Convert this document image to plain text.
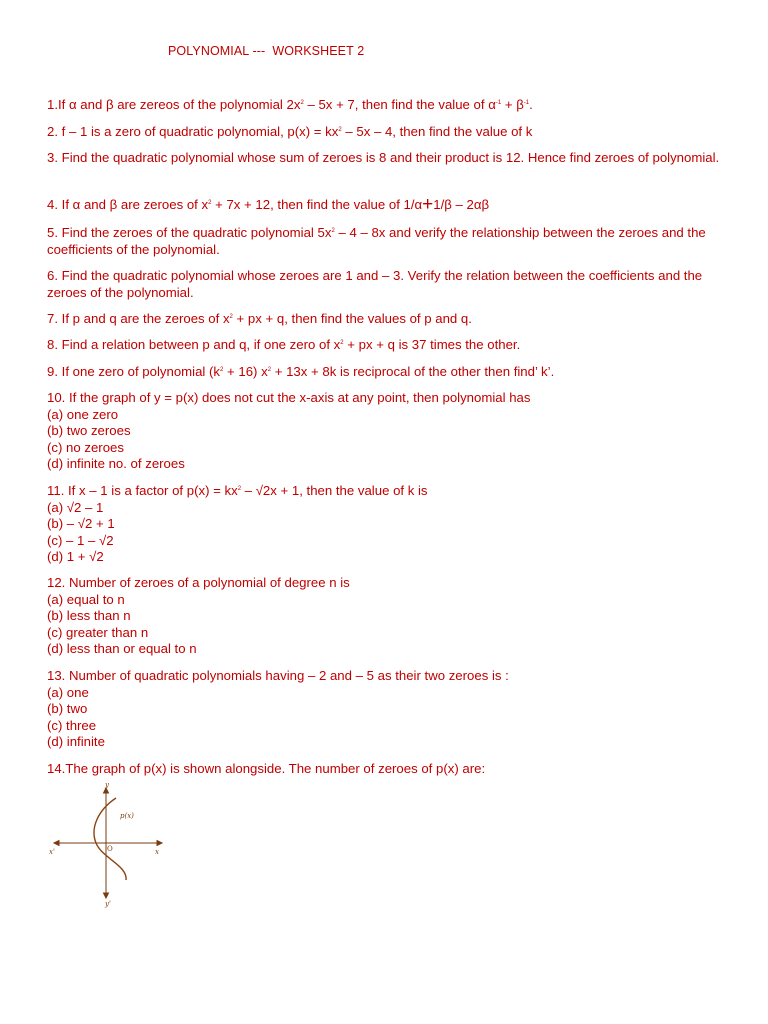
POLYNOMIAL ---  WORKSHEET 2
1.If α and β are zereos of the polynomial $2x^2 - 5x + 7$, then find the value of $\alpha^{-1} + \beta^{-1}$.
2. f – 1 is a zero of quadratic polynomial, $p(x) = kx^2 - 5x - 4$, then find the value of k
3. Find the quadratic polynomial whose sum of zeroes is 8 and their product is 12. Hence find zeroes of polynomial.
4. If α and β are zeroes of $x^2 + 7x + 12$, then find the value of 1/α+1/β – 2αβ
5. Find the zeroes of the quadratic polynomial $5x^2 - 4 - 8x$ and verify the relationship between the zeroes and the coefficients of the polynomial.
6. Find the quadratic polynomial whose zeroes are 1 and – 3. Verify the relation between the coefficients and the zeroes of the polynomial.
7. If p and q are the zeroes of $x^2$ + px + q, then find the values of p and q.
8. Find a relation between p and q, if one zero of $x^2$ + px + q is 37 times the other.
9. If one zero of polynomial $(k^2 + 16) x^2 + 13x + 8k$ is reciprocal of the other then find’ k’.
10. If the graph of y = p(x) does not cut the x-axis at any point, then polynomial has
(a) one zero
(b) two zeroes
(c) no zeroes
(d) infinite no. of zeroes
11. If x – 1 is a factor of $p(x) = kx^2 - √2x + 1$, then the value of k is
(a) √2 – 1
(b) – √2 + 1
(c) – 1 – √2
(d) 1 + √2
12. Number of zeroes of a polynomial of degree n is
(a) equal to n
(b) less than n
(c) greater than n
(d) less than or equal to n
13. Number of quadratic polynomials having – 2 and – 5 as their two zeroes is :
(a) one
(b) two
(c) three
(d) infinite
14.The graph of p(x) is shown alongside. The number of zeroes of p(x) are:
p(x)
O	x
x'
y
y'
